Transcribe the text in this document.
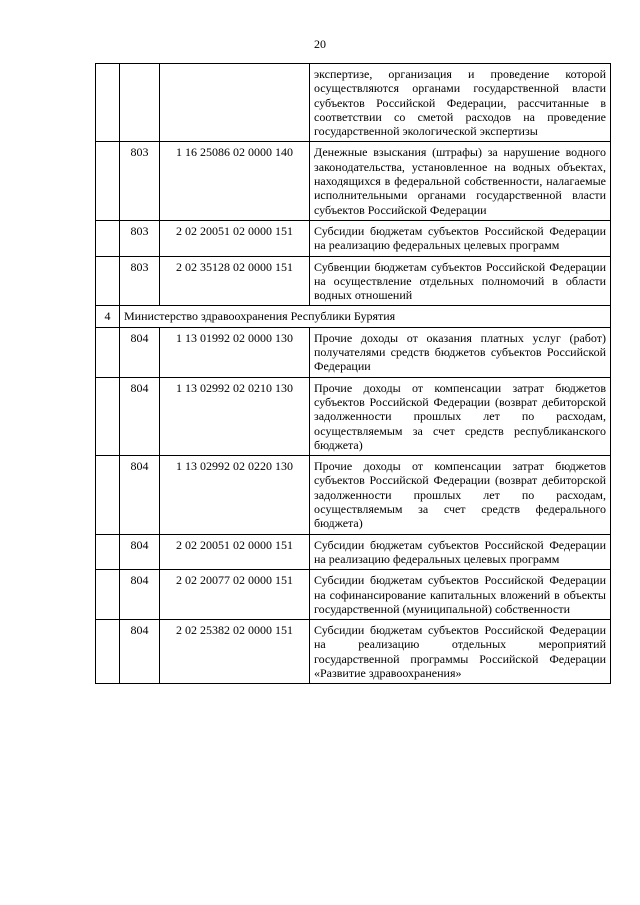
20
			экспертизе, организация и проведение которой осуществляются органами государственной власти субъектов Российской Федерации, рассчитанные в соответствии со сметой расходов на проведение государственной экологической экспертизы
	803	1 16 25086 02 0000 140	Денежные взыскания (штрафы) за нарушение водного законодательства, установленное на водных объектах, находящихся в федеральной собственности, налагаемые исполнительными органами государственной власти субъектов Российской Федерации
	803	2 02 20051 02 0000 151	Субсидии бюджетам субъектов Российской Федерации на реализацию федеральных целевых программ
	803	2 02 35128 02 0000 151	Субвенции бюджетам субъектов Российской Федерации на осуществление отдельных полномочий в области водных отношений
4	Министерство здравоохранения Республики Бурятия		
	804	1 13 01992 02 0000 130	Прочие доходы от оказания платных услуг (работ) получателями средств бюджетов субъектов Российской Федерации
	804	1 13 02992 02 0210 130	Прочие доходы от компенсации затрат бюджетов субъектов Российской Федерации (возврат дебиторской задолженности прошлых лет по расходам, осуществляемым за счет средств республиканского бюджета)
	804	1 13 02992 02 0220 130	Прочие доходы от компенсации затрат бюджетов субъектов Российской Федерации (возврат дебиторской задолженности прошлых лет по расходам, осуществляемым за счет средств федерального бюджета)
	804	2 02 20051 02 0000 151	Субсидии бюджетам субъектов Российской Федерации на реализацию федеральных целевых программ
	804	2 02 20077 02 0000 151	Субсидии бюджетам субъектов Российской Федерации на софинансирование капитальных вложений в объекты государственной (муниципальной) собственности
	804	2 02 25382 02 0000 151	Субсидии бюджетам субъектов Российской Федерации на реализацию отдельных мероприятий государственной программы Российской Федерации «Развитие здравоохранения»
